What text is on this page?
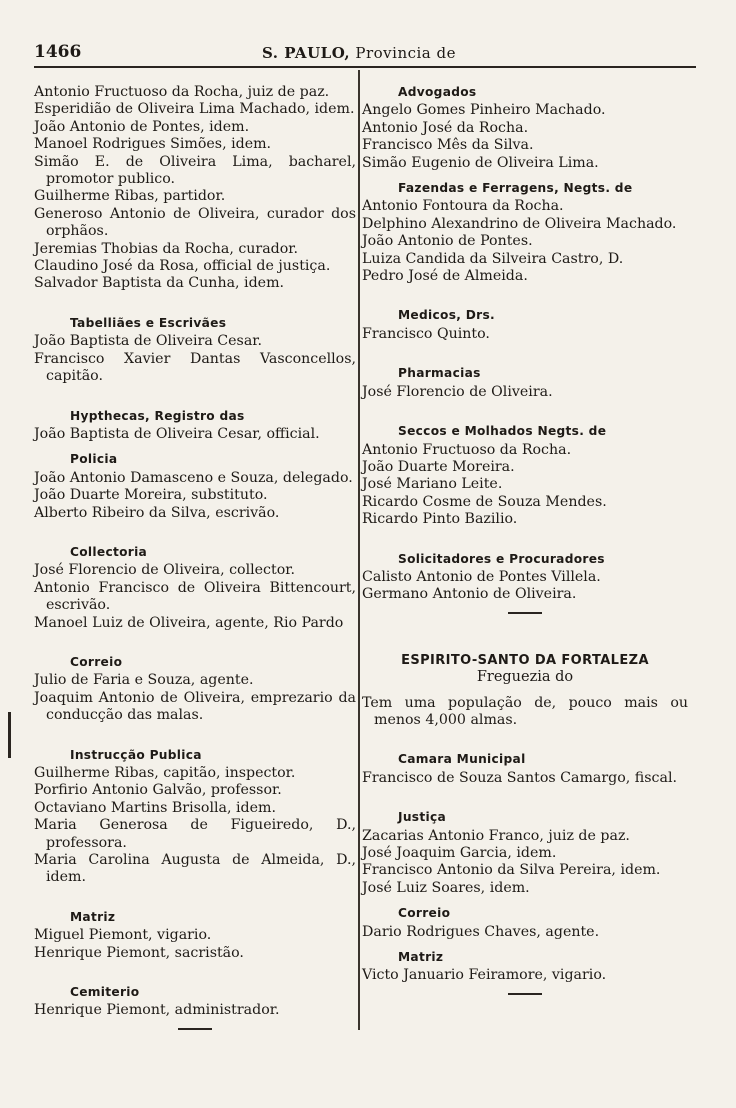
1466	S. PAULO, Provincia de

Antonio Fructuoso da Rocha, juiz de paz.

Esperidião de Oliveira Lima Machado, idem.

João Antonio de Pontes, idem.

Manoel Rodrigues Simões, idem.

Simão E. de Oliveira Lima, bacharel, promotor publico.

Guilherme Ribas, partidor.

Generoso Antonio de Oliveira, curador dos orphãos.

Jeremias Thobias da Rocha, curador.

Claudino José da Rosa, official de justiça.

Salvador Baptista da Cunha, idem.

Tabelliães e Escrivães

João Baptista de Oliveira Cesar.

Francisco Xavier Dantas Vasconcellos, capitão.

Hypthecas, Registro das

João Baptista de Oliveira Cesar, official.

Policia

João Antonio Damasceno e Souza, delegado.

João Duarte Moreira, substituto.

Alberto Ribeiro da Silva, escrivão.

Collectoria

José Florencio de Oliveira, collector.

Antonio Francisco de Oliveira Bittencourt, escrivão.

Manoel Luiz de Oliveira, agente, Rio Pardo

Correio

Julio de Faria e Souza, agente.

Joaquim Antonio de Oliveira, emprezario da conducção das malas.

Instrucção Publica

Guilherme Ribas, capitão, inspector.

Porfirio Antonio Galvão, professor.

Octaviano Martins Brisolla, idem.

Maria Generosa de Figueiredo, D., professora.

Maria Carolina Augusta de Almeida, D., idem.

Matriz

Miguel Piemont, vigario.

Henrique Piemont, sacristão.

Cemiterio

Henrique Piemont, administrador.

Advogados

Angelo Gomes Pinheiro Machado.

Antonio José da Rocha.

Francisco Mês da Silva.

Simão Eugenio de Oliveira Lima.

Fazendas e Ferragens, Negts. de

Antonio Fontoura da Rocha.

Delphino Alexandrino de Oliveira Machado.

João Antonio de Pontes.

Luiza Candida da Silveira Castro, D.

Pedro José de Almeida.

Medicos, Drs.

Francisco Quinto.

Pharmacias

José Florencio de Oliveira.

Seccos e Molhados Negts. de

Antonio Fructuoso da Rocha.

João Duarte Moreira.

José Mariano Leite.

Ricardo Cosme de Souza Mendes.

Ricardo Pinto Bazilio.

Solicitadores e Procuradores

Calisto Antonio de Pontes Villela.

Germano Antonio de Oliveira.

ESPIRITO-SANTO DA FORTALEZA
Freguezia do

Tem uma população de, pouco mais ou menos 4,000 almas.

Camara Municipal

Francisco de Souza Santos Camargo, fiscal.

Justiça

Zacarias Antonio Franco, juiz de paz.

José Joaquim Garcia, idem.

Francisco Antonio da Silva Pereira, idem.

José Luiz Soares, idem.

Correio

Dario Rodrigues Chaves, agente.

Matriz

Victo Januario Feiramore, vigario.
